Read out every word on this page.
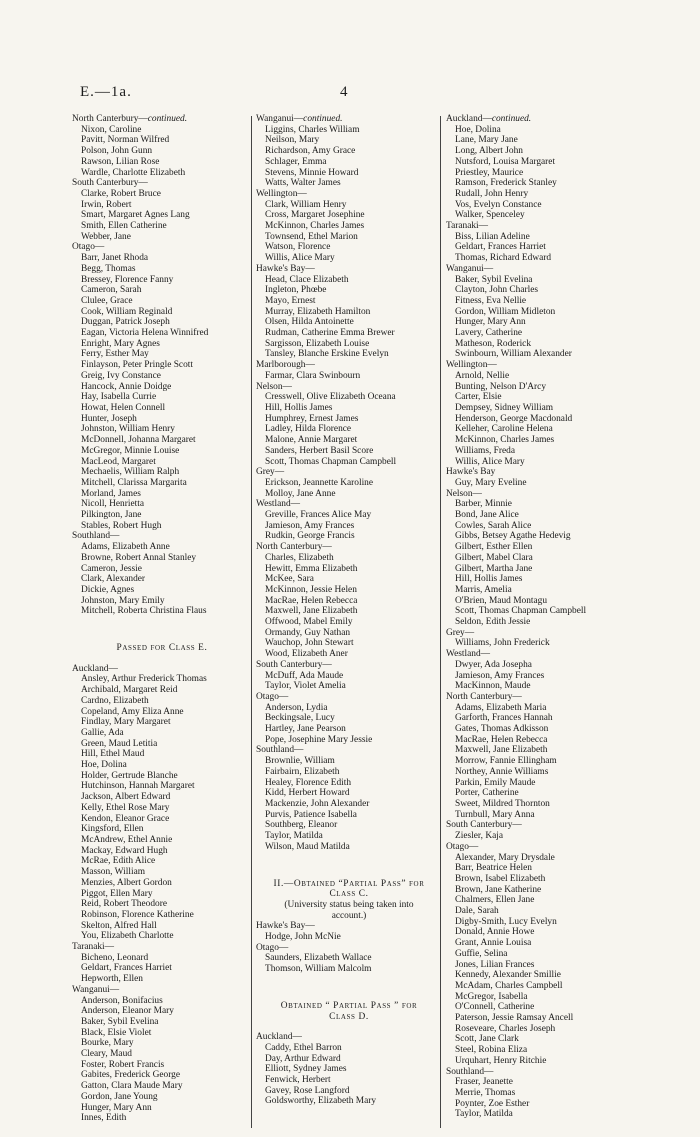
E.—1a.	4
North Canterbury—continued.
Nixon, Caroline
Pavitt, Norman Wilfred
Polson, John Gunn
Rawson, Lilian Rose
Wardle, Charlotte Elizabeth
South Canterbury—
Clarke, Robert Bruce
Irwin, Robert
Smart, Margaret Agnes Lang
Smith, Ellen Catherine
Webber, Jane
Otago—
Barr, Janet Rhoda
Begg, Thomas
Bressey, Florence Fanny
Cameron, Sarah
Clulee, Grace
Cook, William Reginald
Duggan, Patrick Joseph
Eagan, Victoria Helena Winnifred
Enright, Mary Agnes
Ferry, Esther May
Finlayson, Peter Pringle Scott
Greig, Ivy Constance
Hancock, Annie Doidge
Hay, Isabella Currie
Howat, Helen Connell
Hunter, Joseph
Johnston, William Henry
McDonnell, Johanna Margaret
McGregor, Minnie Louise
MacLeod, Margaret
Mechaelis, William Ralph
Mitchell, Clarissa Margarita
Morland, James
Nicoll, Henrietta
Pilkington, Jane
Stables, Robert Hugh
Southland—
Adams, Elizabeth Anne
Browne, Robert Annal Stanley
Cameron, Jessie
Clark, Alexander
Dickie, Agnes
Johnston, Mary Emily
Mitchell, Roberta Christina Flaus
Passed for Class E.
Auckland—
Ansley, Arthur Frederick Thomas
Archibald, Margaret Reid
Cardno, Elizabeth
Copeland, Amy Eliza Anne
Findlay, Mary Margaret
Gallie, Ada
Green, Maud Letitia
Hill, Ethel Maud
Hoe, Dolina
Holder, Gertrude Blanche
Hutchinson, Hannah Margaret
Jackson, Albert Edward
Kelly, Ethel Rose Mary
Kendon, Eleanor Grace
Kingsford, Ellen
McAndrew, Ethel Annie
Mackay, Edward Hugh
McRae, Edith Alice
Masson, William
Menzies, Albert Gordon
Piggot, Ellen Mary
Reid, Robert Theodore
Robinson, Florence Katherine
Skelton, Alfred Hall
You, Elizabeth Charlotte
Taranaki—
Bicheno, Leonard
Geldart, Frances Harriet
Hepworth, Ellen
Wanganui—
Anderson, Bonifacius
Anderson, Eleanor Mary
Baker, Sybil Evelina
Black, Elsie Violet
Bourke, Mary
Cleary, Maud
Foster, Robert Francis
Gabites, Frederick George
Gatton, Clara Maude Mary
Gordon, Jane Young
Hunger, Mary Ann
Innes, Edith
Wanganui—continued.
Liggins, Charles William
Neilson, Mary
Richardson, Amy Grace
Schlager, Emma
Stevens, Minnie Howard
Watts, Walter James
Wellington—
Clark, William Henry
Cross, Margaret Josephine
McKinnon, Charles James
Townsend, Ethel Marion
Watson, Florence
Willis, Alice Mary
Hawke's Bay—
Head, Clace Elizabeth
Ingleton, Phœbe
Mayo, Ernest
Murray, Elizabeth Hamilton
Olsen, Hilda Antoinette
Rudman, Catherine Emma Brewer
Sargisson, Elizabeth Louise
Tansley, Blanche Erskine Evelyn
Marlborough—
Farmar, Clara Swinbourn
Nelson—
Cresswell, Olive Elizabeth Oceana
Hill, Hollis James
Humphrey, Ernest James
Ladley, Hilda Florence
Malone, Annie Margaret
Sanders, Herbert Basil Score
Scott, Thomas Chapman Campbell
Grey—
Erickson, Jeannette Karoline
Molloy, Jane Anne
Westland—
Greville, Frances Alice May
Jamieson, Amy Frances
Rudkin, George Francis
North Canterbury—
Charles, Elizabeth
Hewitt, Emma Elizabeth
McKee, Sara
McKinnon, Jessie Helen
MacRae, Helen Rebecca
Maxwell, Jane Elizabeth
Offwood, Mabel Emily
Ormandy, Guy Nathan
Wauchop, John Stewart
Wood, Elizabeth Aner
South Canterbury—
McDuff, Ada Maude
Taylor, Violet Amelia
Otago—
Anderson, Lydia
Beckingsale, Lucy
Hartley, Jane Pearson
Pope, Josephine Mary Jessie
Southland—
Brownlie, William
Fairbairn, Elizabeth
Healey, Florence Edith
Kidd, Herbert Howard
Mackenzie, John Alexander
Purvis, Patience Isabella
Southberg, Eleanor
Taylor, Matilda
Wilson, Maud Matilda
II.—Obtained “Partial Pass” for
Class C.
(University status being taken into
account.)
Hawke's Bay—
Hodge, John McNie
Otago—
Saunders, Elizabeth Wallace
Thomson, William Malcolm
Obtained “ Partial Pass ” for
Class D.
Auckland—
Caddy, Ethel Barron
Day, Arthur Edward
Elliott, Sydney James
Fenwick, Herbert
Gavey, Rose Langford
Goldsworthy, Elizabeth Mary
Auckland—continued.
Hoe, Dolina
Lane, Mary Jane
Long, Albert John
Nutsford, Louisa Margaret
Priestley, Maurice
Ramson, Frederick Stanley
Rudall, John Henry
Vos, Evelyn Constance
Walker, Spenceley
Taranaki—
Biss, Lilian Adeline
Geldart, Frances Harriet
Thomas, Richard Edward
Wanganui—
Baker, Sybil Evelina
Clayton, John Charles
Fitness, Eva Nellie
Gordon, William Midleton
Hunger, Mary Ann
Lavery, Catherine
Matheson, Roderick
Swinbourn, William Alexander
Wellington—
Arnold, Nellie
Bunting, Nelson D'Arcy
Carter, Elsie
Dempsey, Sidney William
Henderson, George Macdonald
Kelleher, Caroline Helena
McKinnon, Charles James
Williams, Freda
Willis, Alice Mary
Hawke's Bay
Guy, Mary Eveline
Nelson—
Barber, Minnie
Bond, Jane Alice
Cowles, Sarah Alice
Gibbs, Betsey Agathe Hedevig
Gilbert, Esther Ellen
Gilbert, Mabel Clara
Gilbert, Martha Jane
Hill, Hollis James
Marris, Amelia
O'Brien, Maud Montagu
Scott, Thomas Chapman Campbell
Seldon, Edith Jessie
Grey—
Williams, John Frederick
Westland—
Dwyer, Ada Josepha
Jamieson, Amy Frances
MacKinnon, Maude
North Canterbury—
Adams, Elizabeth Maria
Garforth, Frances Hannah
Gates, Thomas Adkisson
MacRae, Helen Rebecca
Maxwell, Jane Elizabeth
Morrow, Fannie Ellingham
Northey, Annie Williams
Parkin, Emily Maude
Porter, Catherine
Sweet, Mildred Thornton
Turnbull, Mary Anna
South Canterbury—
Ziesler, Kaja
Otago—
Alexander, Mary Drysdale
Barr, Beatrice Helen
Brown, Isabel Elizabeth
Brown, Jane Katherine
Chalmers, Ellen Jane
Dale, Sarah
Digby-Smith, Lucy Evelyn
Donald, Annie Howe
Grant, Annie Louisa
Guffie, Selina
Jones, Lilian Frances
Kennedy, Alexander Smillie
McAdam, Charles Campbell
McGregor, Isabella
O'Connell, Catherine
Paterson, Jessie Ramsay Ancell
Roseveare, Charles Joseph
Scott, Jane Clark
Steel, Robina Eliza
Urquhart, Henry Ritchie
Southland—
Fraser, Jeanette
Merrie, Thomas
Poynter, Zoe Esther
Taylor, Matilda
